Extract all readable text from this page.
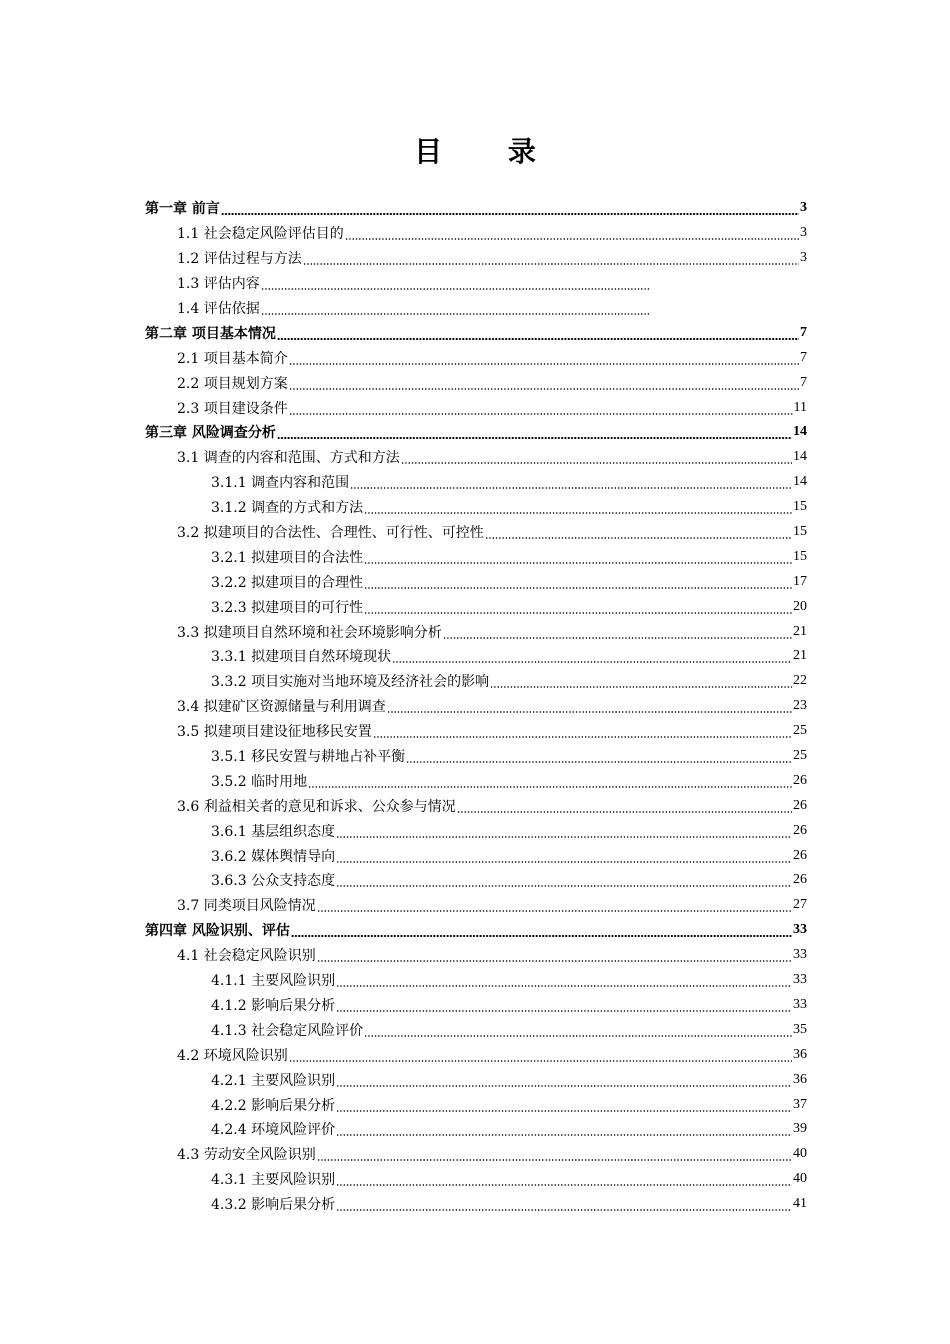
目 录
第一章 前言	3
1.1 社会稳定风险评估目的	3
1.2 评估过程与方法	3
1.3 评估内容
1.4 评估依据
第二章 项目基本情况	7
2.1 项目基本简介	7
2.2 项目规划方案	7
2.3 项目建设条件	11
第三章 风险调查分析	14
3.1 调查的内容和范围、方式和方法	14
3.1.1 调查内容和范围	14
3.1.2 调查的方式和方法	15
3.2 拟建项目的合法性、合理性、可行性、可控性	15
3.2.1 拟建项目的合法性	15
3.2.2 拟建项目的合理性	17
3.2.3 拟建项目的可行性	20
3.3 拟建项目自然环境和社会环境影响分析	21
3.3.1 拟建项目自然环境现状	21
3.3.2 项目实施对当地环境及经济社会的影响	22
3.4 拟建矿区资源储量与利用调查	23
3.5 拟建项目建设征地移民安置	25
3.5.1 移民安置与耕地占补平衡	25
3.5.2 临时用地	26
3.6 利益相关者的意见和诉求、公众参与情况	26
3.6.1 基层组织态度	26
3.6.2 媒体舆情导向	26
3.6.3 公众支持态度	26
3.7 同类项目风险情况	27
第四章 风险识别、评估	33
4.1 社会稳定风险识别	33
4.1.1 主要风险识别	33
4.1.2 影响后果分析	33
4.1.3 社会稳定风险评价	35
4.2 环境风险识别	36
4.2.1 主要风险识别	36
4.2.2 影响后果分析	37
4.2.4 环境风险评价	39
4.3 劳动安全风险识别	40
4.3.1 主要风险识别	40
4.3.2 影响后果分析	41
